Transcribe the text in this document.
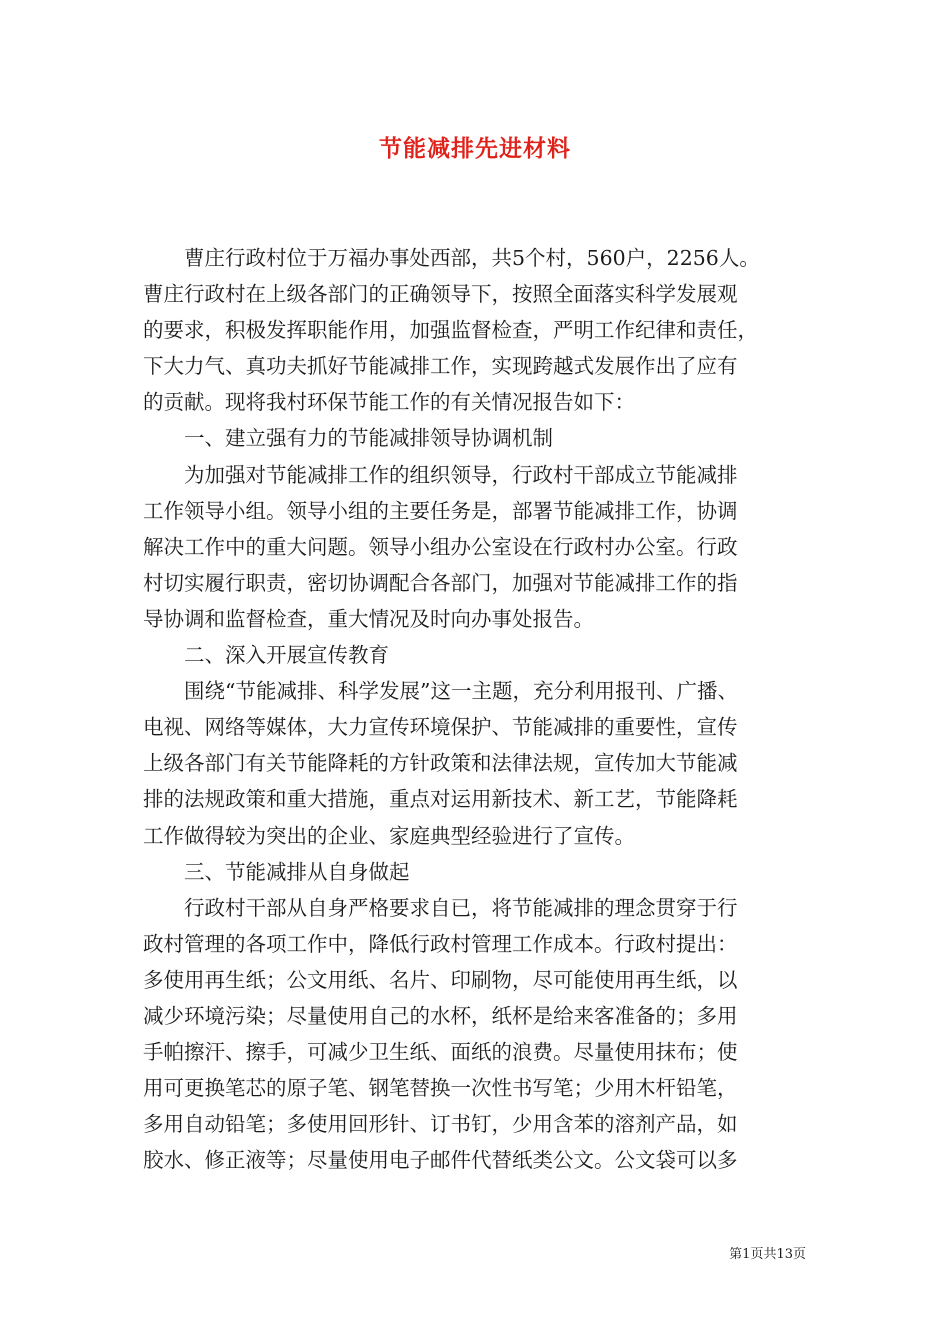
节能减排先进材料
曹庄行政村位于万福办事处西部，共5个村，560户，2256人。
曹庄行政村在上级各部门的正确领导下，按照全面落实科学发展观
的要求，积极发挥职能作用，加强监督检查，严明工作纪律和责任，
下大力气、真功夫抓好节能减排工作，实现跨越式发展作出了应有
的贡献。现将我村环保节能工作的有关情况报告如下：
一、建立强有力的节能减排领导协调机制
为加强对节能减排工作的组织领导，行政村干部成立节能减排
工作领导小组。领导小组的主要任务是，部署节能减排工作，协调
解决工作中的重大问题。领导小组办公室设在行政村办公室。行政
村切实履行职责，密切协调配合各部门，加强对节能减排工作的指
导协调和监督检查，重大情况及时向办事处报告。
二、深入开展宣传教育
围绕“节能减排、科学发展”这一主题，充分利用报刊、广播、
电视、网络等媒体，大力宣传环境保护、节能减排的重要性，宣传
上级各部门有关节能降耗的方针政策和法律法规，宣传加大节能减
排的法规政策和重大措施，重点对运用新技术、新工艺，节能降耗
工作做得较为突出的企业、家庭典型经验进行了宣传。
三、节能减排从自身做起
行政村干部从自身严格要求自已，将节能减排的理念贯穿于行
政村管理的各项工作中，降低行政村管理工作成本。行政村提出：
多使用再生纸；公文用纸、名片、印刷物，尽可能使用再生纸，以
减少环境污染；尽量使用自己的水杯，纸杯是给来客准备的；多用
手帕擦汗、擦手，可减少卫生纸、面纸的浪费。尽量使用抹布；使
用可更换笔芯的原子笔、钢笔替换一次性书写笔；少用木杆铅笔，
多用自动铅笔；多使用回形针、订书钉，少用含苯的溶剂产品，如
胶水、修正液等；尽量使用电子邮件代替纸类公文。公文袋可以多
第1页共13页
